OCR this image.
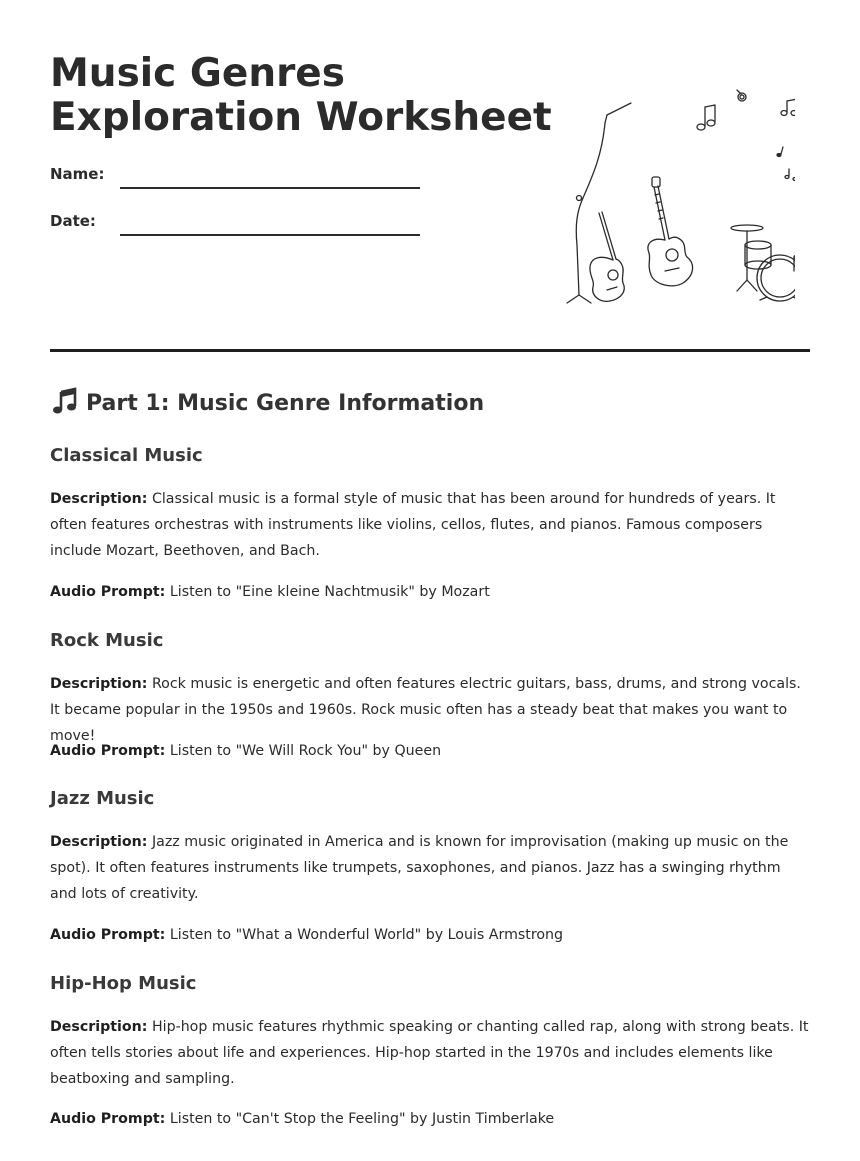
Music Genres
Exploration Worksheet
Name:
Date:
Part 1: Music Genre Information
Classical Music

Description: Classical music is a formal style of music that has been around for hundreds of years. It often features orchestras with instruments like violins, cellos, flutes, and pianos. Famous composers include Mozart, Beethoven, and Bach.

Audio Prompt: Listen to "Eine kleine Nachtmusik" by Mozart

Rock Music

Description: Rock music is energetic and often features electric guitars, bass, drums, and strong vocals. It became popular in the 1950s and 1960s. Rock music often has a steady beat that makes you want to move!

Audio Prompt: Listen to "We Will Rock You" by Queen

Jazz Music

Description: Jazz music originated in America and is known for improvisation (making up music on the spot). It often features instruments like trumpets, saxophones, and pianos. Jazz has a swinging rhythm and lots of creativity.

Audio Prompt: Listen to "What a Wonderful World" by Louis Armstrong

Hip-Hop Music

Description: Hip-hop music features rhythmic speaking or chanting called rap, along with strong beats. It often tells stories about life and experiences. Hip-hop started in the 1970s and includes elements like beatboxing and sampling.

Audio Prompt: Listen to "Can't Stop the Feeling" by Justin Timberlake
